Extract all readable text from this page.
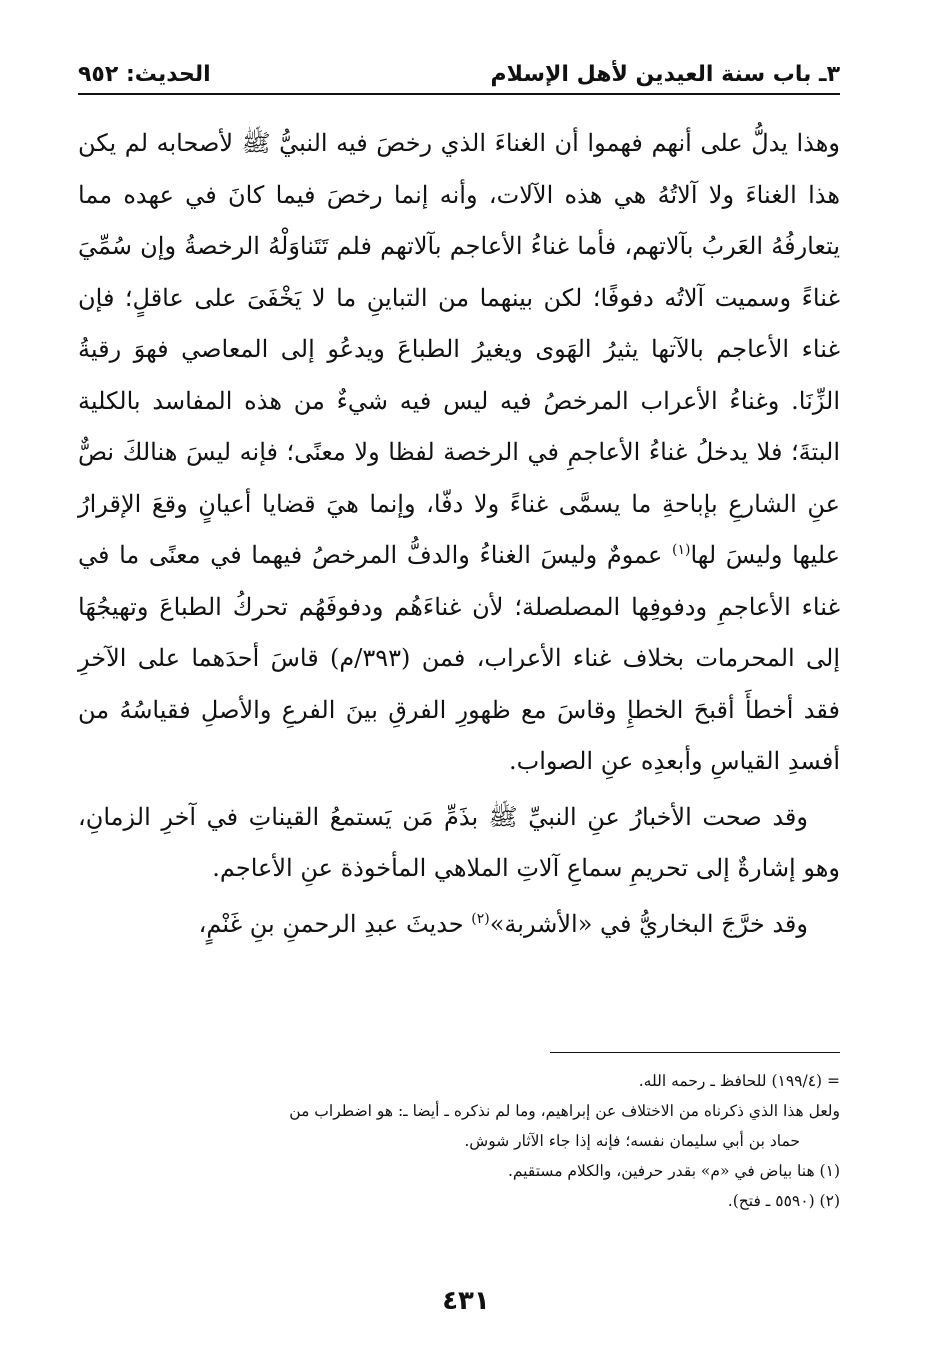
٣ـ باب سنة العيدين لأهل الإسلام
الحديث: ٩٥٢

وهذا يدلُّ على أنهم فهموا أن الغناءَ الذي رخصَ فيه النبيُّ ﷺ لأصحابه لم يكن هذا الغناءَ ولا آلاتُهُ هي هذه الآلات، وأنه إنما رخصَ فيما كانَ في عهده مما يتعارفُهُ العَربُ بآلاتهم، فأما غناءُ الأعاجم بآلاتهم فلم تَتَناوَلْهُ الرخصةُ وإن سُمِّيَ غناءً وسميت آلاتُه دفوفًا؛ لكن بينهما من التباينِ ما لا يَخْفَىَ على عاقلٍ؛ فإن غناء الأعاجم بالآتها يثيرُ الهَوى ويغيرُ الطباعَ ويدعُو إلى المعاصي فهوَ رقيةُ الزِّنَا. وغناءُ الأعراب المرخصُ فيه ليس فيه شيءٌ من هذه المفاسد بالكلية البتةَ؛ فلا يدخلُ غناءُ الأعاجمِ في الرخصة لفظا ولا معنًى؛ فإنه ليسَ هنالكَ نصٌّ عنِ الشارعِ بإباحةِ ما يسمَّى غناءً ولا دفّا، وإنما هيَ قضايا أعيانٍ وقعَ الإقرارُ عليها وليسَ لها$^{(١)}$ عمومٌ وليسَ الغناءُ والدفُّ المرخصُ فيهما في معنًى ما في غناء الأعاجمِ ودفوفِها المصلصلة؛ لأن غناءَهُم ودفوفَهُم تحركُ الطباعَ وتهيجُهَا إلى المحرمات بخلاف غناء الأعراب، فمن (٣٩٣/م) قاسَ أحدَهما على الآخرِ فقد أخطأَ أقبحَ الخطإِ وقاسَ مع ظهورِ الفرقِ بينَ الفرعِ والأصلِ فقياسُهُ من أفسدِ القياسِ وأبعدِه عنِ الصواب.

وقد صحت الأخبارُ عنِ النبيِّ ﷺ بذَمِّ مَن يَستمعُ القيناتِ في آخرِ الزمانِ، وهو إشارةٌ إلى تحريمِ سماعِ آلاتِ الملاهي المأخوذة عنِ الأعاجم.

وقد خرَّجَ البخاريُّ في «الأشربة»$^{(٢)}$ حديثَ عبدِ الرحمنِ بنِ غَنْمٍ،

= (١٩٩/٤) للحافظ ـ رحمه الله.

ولعل هذا الذي ذكرناه من الاختلاف عن إبراهيم، وما لم نذكره ـ أيضا ـ: هو اضطراب من

حماد بن أبي سليمان نفسه؛ فإنه إذا جاء الآثار شوش.

(١) هنا بياض في «م» بقدر حرفين، والكلام مستقيم.

(٢) (٥٥٩٠ ـ فتح).

٤٣١
